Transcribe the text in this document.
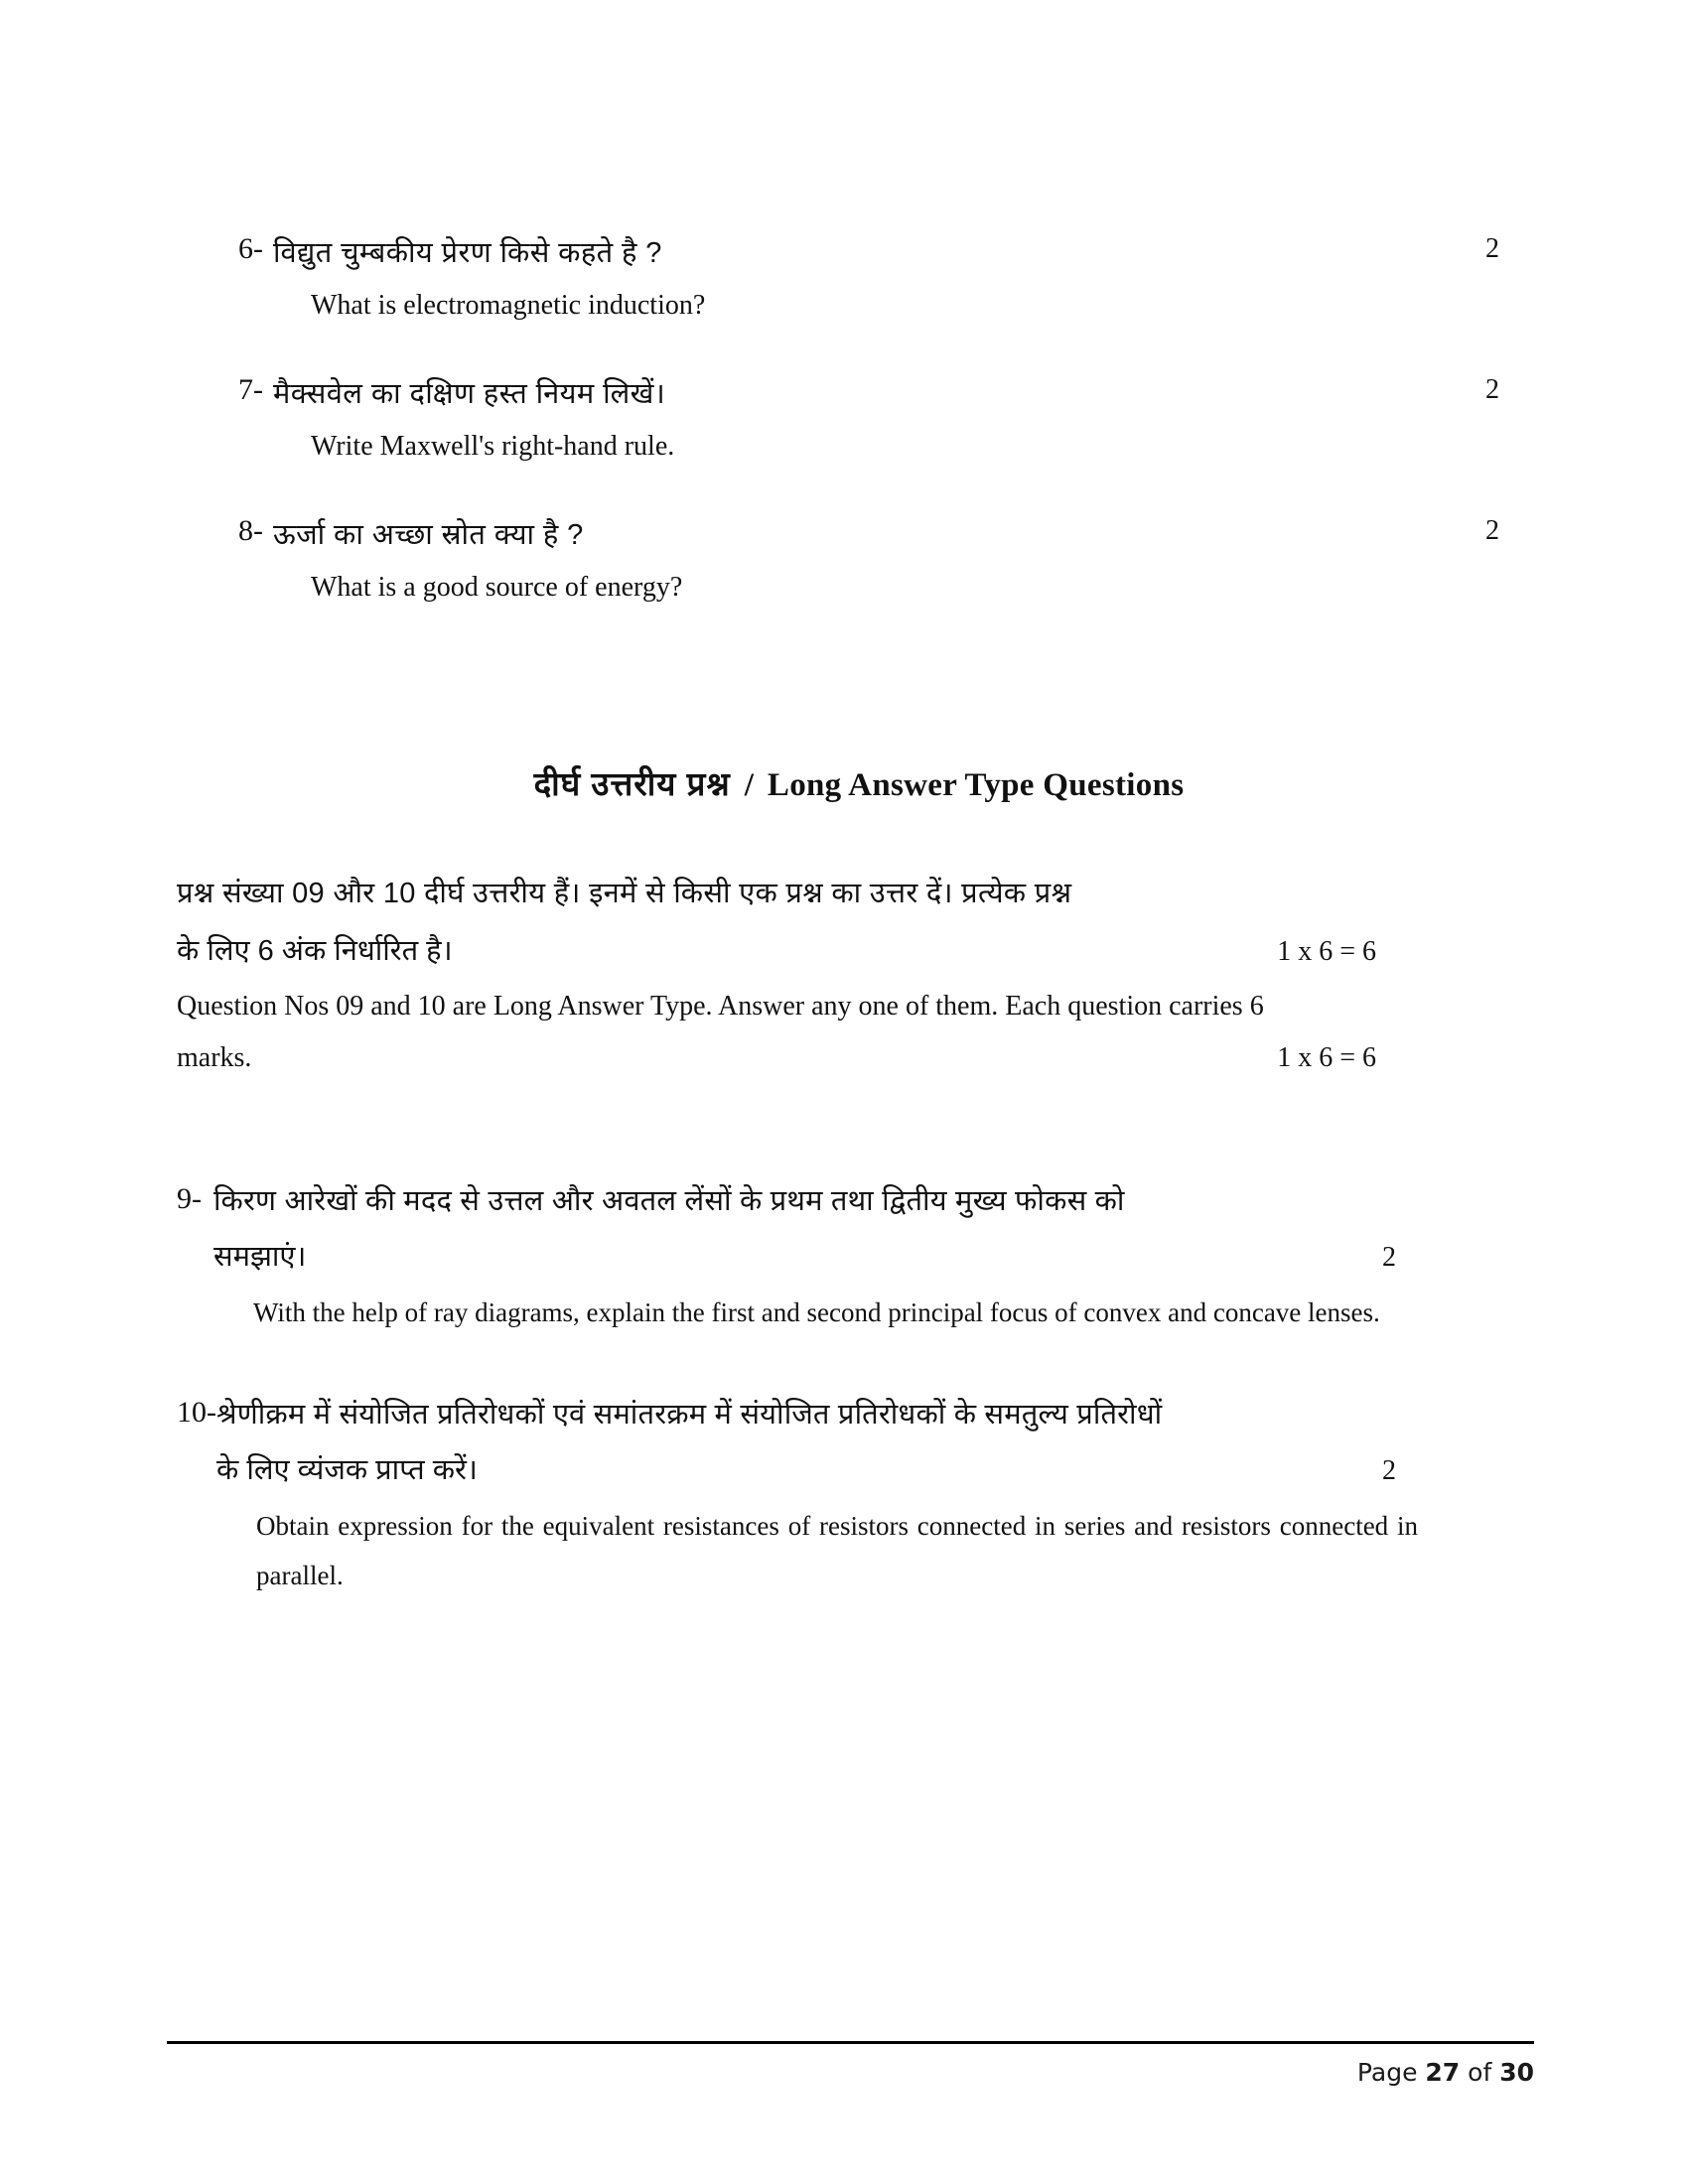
6- विद्युत चुम्बकीय प्रेरण किसे कहते है ?
What is electromagnetic induction?
2
7- मैक्सवेल का दक्षिण हस्त नियम लिखें।
Write Maxwell's right-hand rule.
2
8- ऊर्जा का अच्छा स्रोत क्या है ?
What is a good source of energy?
2
दीर्घ उत्तरीय प्रश्न / Long Answer Type Questions
प्रश्न संख्या 09 और 10 दीर्घ उत्तरीय हैं। इनमें से किसी एक प्रश्न का उत्तर दें। प्रत्येक प्रश्न
के लिए 6 अंक निर्धारित है।	1 x 6 = 6
Question Nos 09 and 10 are Long Answer Type. Answer any one of them. Each question carries 6
marks.	1 x 6 = 6
9- किरण आरेखों की मदद से उत्तल और अवतल लेंसों के प्रथम तथा द्वितीय मुख्य फोकस को
समझाएं।	2
With the help of ray diagrams, explain the first and second principal focus of convex and concave lenses.
10- श्रेणीक्रम में संयोजित प्रतिरोधकों एवं समांतरक्रम में संयोजित प्रतिरोधकों के समतुल्य प्रतिरोधों
के लिए व्यंजक प्राप्त करें।	2
Obtain expression for the equivalent resistances of resistors connected in series and resistors connected in parallel.
Page 27 of 30
